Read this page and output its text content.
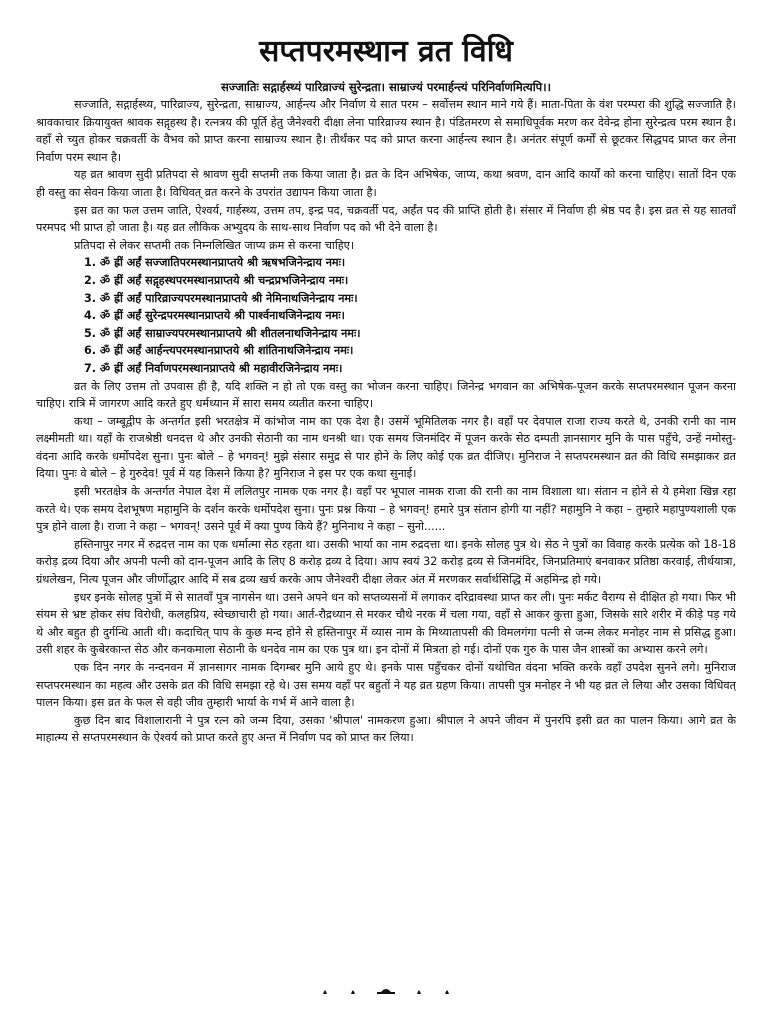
सप्तपरमस्थान व्रत विधि
सज्जातिः सद्गार्हस्थ्यं पारिव्राज्यं सुरेन्द्रता। साम्राज्यं परमार्हन्त्यं परिनिर्वाणमित्यपि।।

सज्जाति, सद्गार्हस्थ्य, पारिव्राज्य, सुरेन्द्रता, साम्राज्य, आर्हन्त्य और निर्वाण ये सात परम – सर्वोत्तम स्थान माने गये हैं। माता-पिता के वंश परम्परा की शुद्धि सज्जाति है। श्रावकाचार क्रियायुक्त श्रावक सद्गृहस्थ है। रत्नत्रय की पूर्ति हेतु जैनेश्वरी दीक्षा लेना पारिव्राज्य स्थान है। पंडितमरण से समाधिपूर्वक मरण कर देवेन्द्र होना सुरेन्द्रत्व परम स्थान है। वहाँ से च्युत होकर चक्रवर्ती के वैभव को प्राप्त करना साम्राज्य स्थान है। तीर्थंकर पद को प्राप्त करना आर्हन्त्य स्थान है। अनंतर संपूर्ण कर्मों से छूटकर सिद्धपद प्राप्त कर लेना निर्वाण परम स्थान है।

यह व्रत श्रावण सुदी प्रतिपदा से श्रावण सुदी सप्तमी तक किया जाता है। व्रत के दिन अभिषेक, जाप्य, कथा श्रवण, दान आदि कार्यों को करना चाहिए। सातों दिन एक ही वस्तु का सेवन किया जाता है। विधिवत् व्रत करने के उपरांत उद्यापन किया जाता है।

इस व्रत का फल उत्तम जाति, ऐश्वर्य, गार्हस्थ्य, उत्तम तप, इन्द्र पद, चक्रवर्ती पद, अर्हंत पद की प्राप्ति होती है। संसार में निर्वाण ही श्रेष्ठ पद है। इस व्रत से यह सातवाँ परमपद भी प्राप्त हो जाता है। यह व्रत लौकिक अभ्युदय के साथ-साथ निर्वाण पद को भी देने वाला है।

प्रतिपदा से लेकर सप्तमी तक निम्नलिखित जाप्य क्रम से करना चाहिए।

1. ॐ ह्रीं अर्हं सज्जातिपरमस्थानप्राप्तये श्री ऋषभजिनेन्द्राय नमः।
2. ॐ ह्रीं अर्हं सद्गृहस्थपरमस्थानप्राप्तये श्री चन्द्रप्रभजिनेन्द्राय नमः।
3. ॐ ह्रीं अर्हं पारिव्राज्यपरमस्थानप्राप्तये श्री नेमिनाथजिनेन्द्राय नमः।
4. ॐ ह्रीं अर्हं सुरेन्द्रपरमस्थानप्राप्तये श्री पार्श्वनाथजिनेन्द्राय नमः।
5. ॐ ह्रीं अर्हं साम्राज्यपरमस्थानप्राप्तये श्री शीतलनाथजिनेन्द्राय नमः।
6. ॐ ह्रीं अर्हं आर्हन्त्यपरमस्थानप्राप्तये श्री शांतिनाथजिनेन्द्राय नमः।
7. ॐ ह्रीं अर्हं निर्वाणपरमस्थानप्राप्तये श्री महावीरजिनेन्द्राय नमः।

व्रत के लिए उत्तम तो उपवास ही है, यदि शक्ति न हो तो एक वस्तु का भोजन करना चाहिए। जिनेन्द्र भगवान का अभिषेक-पूजन करके सप्तपरमस्थान पूजन करना चाहिए। रात्रि में जागरण आदि करते हुए धर्मध्यान में सारा समय व्यतीत करना चाहिए।

कथा – जम्बूद्वीप के अन्तर्गत इसी भरतक्षेत्र में कांभोज नाम का एक देश है। उसमें भूमितिलक नगर है। वहाँ पर देवपाल राजा राज्य करते थे, उनकी रानी का नाम लक्ष्मीमती था। यहाँ के राजश्रेष्ठी धनदत्त थे और उनकी सेठानी का नाम धनश्री था। एक समय जिनमंदिर में पूजन करके सेठ दम्पती ज्ञानसागर मुनि के पास पहुँचे, उन्हें नमोस्तु-वंदना आदि करके धर्मोपदेश सुना। पुनः बोले – हे भगवन्! मुझे संसार समुद्र से पार होने के लिए कोई एक व्रत दीजिए। मुनिराज ने सप्तपरमस्थान व्रत की विधि समझाकर व्रत दिया। पुनः वे बोले – हे गुरुदेव! पूर्व में यह किसने किया है? मुनिराज ने इस पर एक कथा सुनाई।

इसी भरतक्षेत्र के अन्तर्गत नेपाल देश में ललितपुर नामक एक नगर है। वहाँ पर भूपाल नामक राजा की रानी का नाम विशाला था। संतान न होने से ये हमेशा खिन्न रहा करते थे। एक समय देशभूषण महामुनि के दर्शन करके धर्मोपदेश सुना। पुनः प्रश्न किया – हे भगवन्! हमारे पुत्र संतान होगी या नहीं? महामुनि ने कहा – तुम्हारे महापुण्यशाली एक पुत्र होने वाला है। राजा ने कहा – भगवन्! उसने पूर्व में क्या पुण्य किये हैं? मुनिनाथ ने कहा – सुनो......

हस्तिनापुर नगर में रुद्रदत्त नाम का एक धर्मात्मा सेठ रहता था। उसकी भार्या का नाम रुद्रदत्ता था। इनके सोलह पुत्र थे। सेठ ने पुत्रों का विवाह करके प्रत्येक को 18-18 करोड़ द्रव्य दिया और अपनी पत्नी को दान-पूजन आदि के लिए 8 करोड़ द्रव्य दे दिया। आप स्वयं 32 करोड़ द्रव्य से जिनमंदिर, जिनप्रतिमाएं बनवाकर प्रतिष्ठा करवाई, तीर्थयात्रा, ग्रंथलेखन, नित्य पूजन और जीर्णोद्धार आदि में सब द्रव्य खर्च करके आप जैनेश्वरी दीक्षा लेकर अंत में मरणकर सर्वार्थसिद्धि में अहमिन्द्र हो गये।

इधर इनके सोलह पुत्रों में से सातवाँ पुत्र नागसेन था। उसने अपने धन को सप्तव्यसनों में लगाकर दरिद्रावस्था प्राप्त कर ली। पुनः मर्कट वैराग्य से दीक्षित हो गया। फिर भी संयम से भ्रष्ट होकर संघ विरोधी, कलहप्रिय, स्वेच्छाचारी हो गया। आर्त-रौद्रध्यान से मरकर चौथे नरक में चला गया, वहाँ से आकर कुत्ता हुआ, जिसके सारे शरीर में कीड़े पड़ गये थे और बहुत ही दुर्गन्धि आती थी। कदाचित् पाप के कुछ मन्द होने से हस्तिनापुर में व्यास नाम के मिथ्यातापसी की विमलगंगा पत्नी से जन्म लेकर मनोहर नाम से प्रसिद्ध हुआ। उसी शहर के कुबेरकान्त सेठ और कनकमाला सेठानी के धनदेव नाम का एक पुत्र था। इन दोनों में मित्रता हो गई। दोनों एक गुरु के पास जैन शास्त्रों का अभ्यास करने लगे।

एक दिन नगर के नन्दनवन में ज्ञानसागर नामक दिगम्बर मुनि आये हुए थे। इनके पास पहुँचकर दोनों यथोचित वंदना भक्ति करके वहाँ उपदेश सुनने लगे। मुनिराज सप्तपरमस्थान का महत्व और उसके व्रत की विधि समझा रहे थे। उस समय वहाँ पर बहुतों ने यह व्रत ग्रहण किया। तापसी पुत्र मनोहर ने भी यह व्रत ले लिया और उसका विधिवत् पालन किया। इस व्रत के फल से वही जीव तुम्हारी भार्या के गर्भ में आने वाला है।

कुछ दिन बाद विशालारानी ने पुत्र रत्न को जन्म दिया, उसका 'श्रीपाल' नामकरण हुआ। श्रीपाल ने अपने जीवन में पुनरपि इसी व्रत का पालन किया। आगे व्रत के माहात्म्य से सप्तपरमस्थान के ऐश्वर्य को प्राप्त करते हुए अन्त में निर्वाण पद को प्राप्त कर लिया।
